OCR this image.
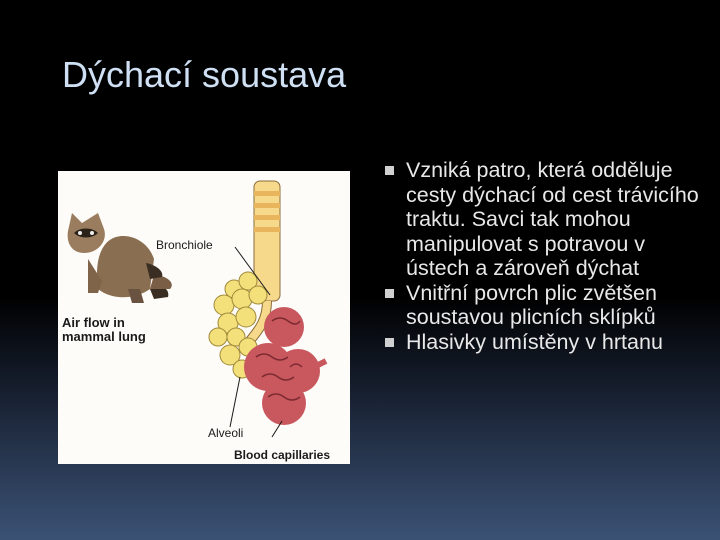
Dýchací soustava
Bronchiole
Air flow in
mammal lung
Alveoli
Blood capillaries
Vzniká patro, která odděluje cesty dýchací od cest trávicího traktu. Savci tak mohou manipulovat s potravou v ústech a zároveň dýchat
Vnitřní povrch plic zvětšen soustavou plicních sklípků
Hlasivky umístěny v hrtanu
